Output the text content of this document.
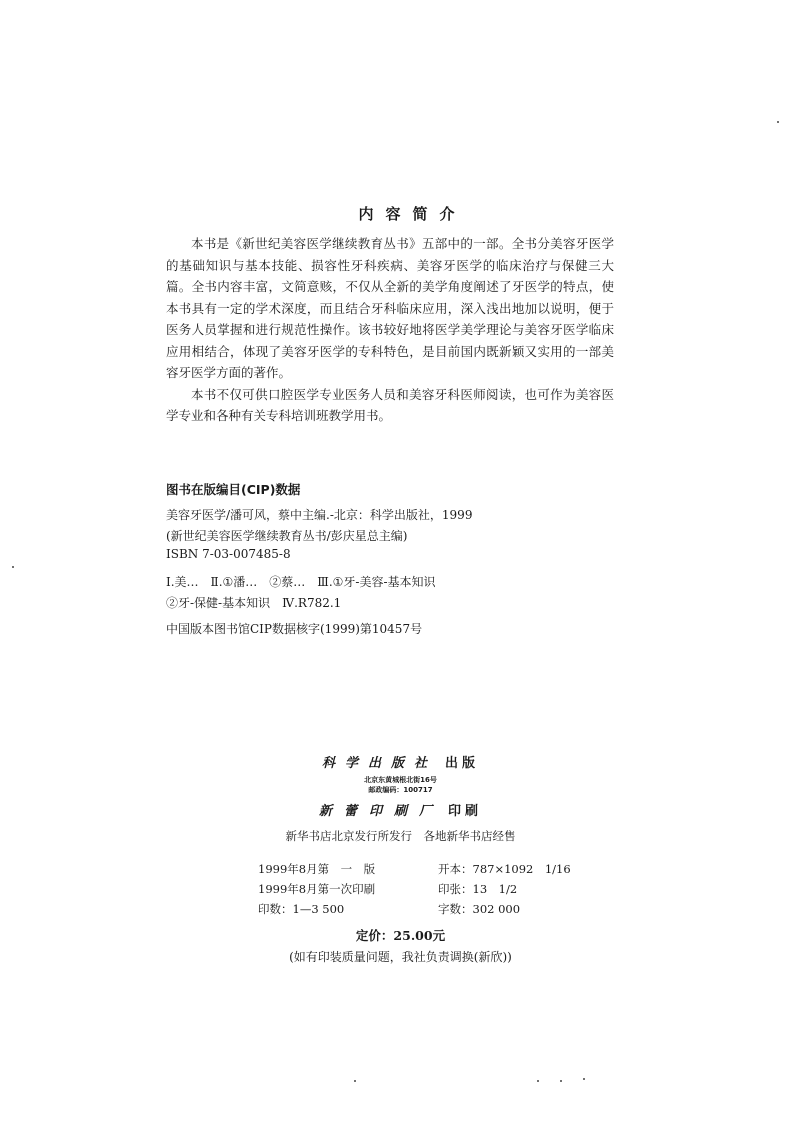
内容简介

本书是《新世纪美容医学继续教育丛书》五部中的一部。全书分美容牙医学的基础知识与基本技能、损容性牙科疾病、美容牙医学的临床治疗与保健三大篇。全书内容丰富，文简意赅，不仅从全新的美学角度阐述了牙医学的特点，使本书具有一定的学术深度，而且结合牙科临床应用，深入浅出地加以说明，便于医务人员掌握和进行规范性操作。该书较好地将医学美学理论与美容牙医学临床应用相结合，体现了美容牙医学的专科特色，是目前国内既新颖又实用的一部美容牙医学方面的著作。

本书不仅可供口腔医学专业医务人员和美容牙科医师阅读，也可作为美容医学专业和各种有关专科培训班教学用书。

图书在版编目(CIP)数据
美容牙医学/潘可风，蔡中主编.-北京：科学出版社，1999
(新世纪美容医学继续教育丛书/彭庆星总主编)
ISBN 7-03-007485-8
Ⅰ.美…　Ⅱ.①潘…　②蔡…　Ⅲ.①牙-美容-基本知识
②牙-保健-基本知识　Ⅳ.R782.1
中国版本图书馆CIP数据核字(1999)第10457号
科学出版社 出版
北京东黄城根北街16号
邮政编码：100717
新蕾印刷厂 印刷
新华书店北京发行所发行　各地新华书店经售
1999年8月第　一　版
1999年8月第一次印刷
印数：1—3 500
开本：787×1092　1/16
印张：13　1/2
字数：302 000
定价：25.00元
(如有印装质量问题，我社负责调换(新欣))
